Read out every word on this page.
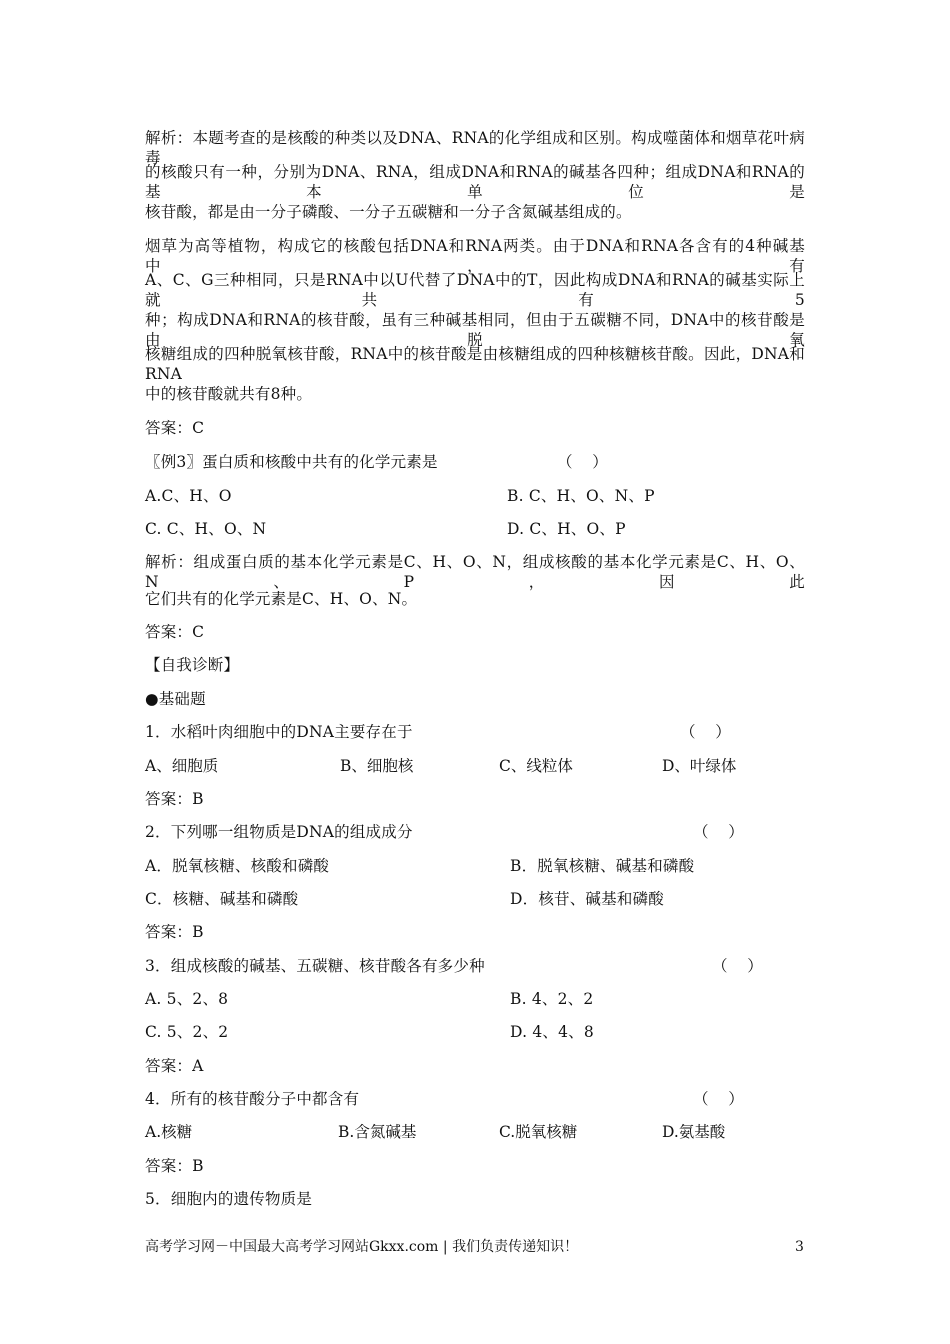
解析：本题考查的是核酸的种类以及DNA、RNA的化学组成和区别。构成噬菌体和烟草花叶病毒
的核酸只有一种，分别为DNA、RNA，组成DNA和RNA的碱基各四种；组成DNA和RNA的基本单位是
核苷酸，都是由一分子磷酸、一分子五碳糖和一分子含氮碱基组成的。
烟草为高等植物，构成它的核酸包括DNA和RNA两类。由于DNA和RNA各含有的4种碱基中，有
A、C、G三种相同，只是RNA中以U代替了DNA中的T，因此构成DNA和RNA的碱基实际上就共有5
种；构成DNA和RNA的核苷酸，虽有三种碱基相同，但由于五碳糖不同，DNA中的核苷酸是由脱氧
核糖组成的四种脱氧核苷酸，RNA中的核苷酸是由核糖组成的四种核糖核苷酸。因此，DNA和RNA
中的核苷酸就共有8种。
答案：C
〖例3〗蛋白质和核酸中共有的化学元素是	（    ）
A.C、H、O	B. C、H、O、N、P
C. C、H、O、N	D. C、H、O、P
解析：组成蛋白质的基本化学元素是C、H、O、N，组成核酸的基本化学元素是C、H、O、N、P，因此
它们共有的化学元素是C、H、O、N。
答案：C
【自我诊断】
●基础题
1．水稻叶肉细胞中的DNA主要存在于	（    ）
A、细胞质	B、细胞核	C、线粒体	D、叶绿体
答案：B
2．下列哪一组物质是DNA的组成成分	（    ）
A．脱氧核糖、核酸和磷酸	B．脱氧核糖、碱基和磷酸
C．核糖、碱基和磷酸	D．核苷、碱基和磷酸
答案：B
3．组成核酸的碱基、五碳糖、核苷酸各有多少种	（    ）
A. 5、2、8	B. 4、2、2
C. 5、2、2	D. 4、4、8
答案：A
4．所有的核苷酸分子中都含有	（    ）
A.核糖	B.含氮碱基	C.脱氧核糖	D.氨基酸
答案：B
5．细胞内的遗传物质是
高考学习网－中国最大高考学习网站Gkxx.com | 我们负责传递知识！	3
